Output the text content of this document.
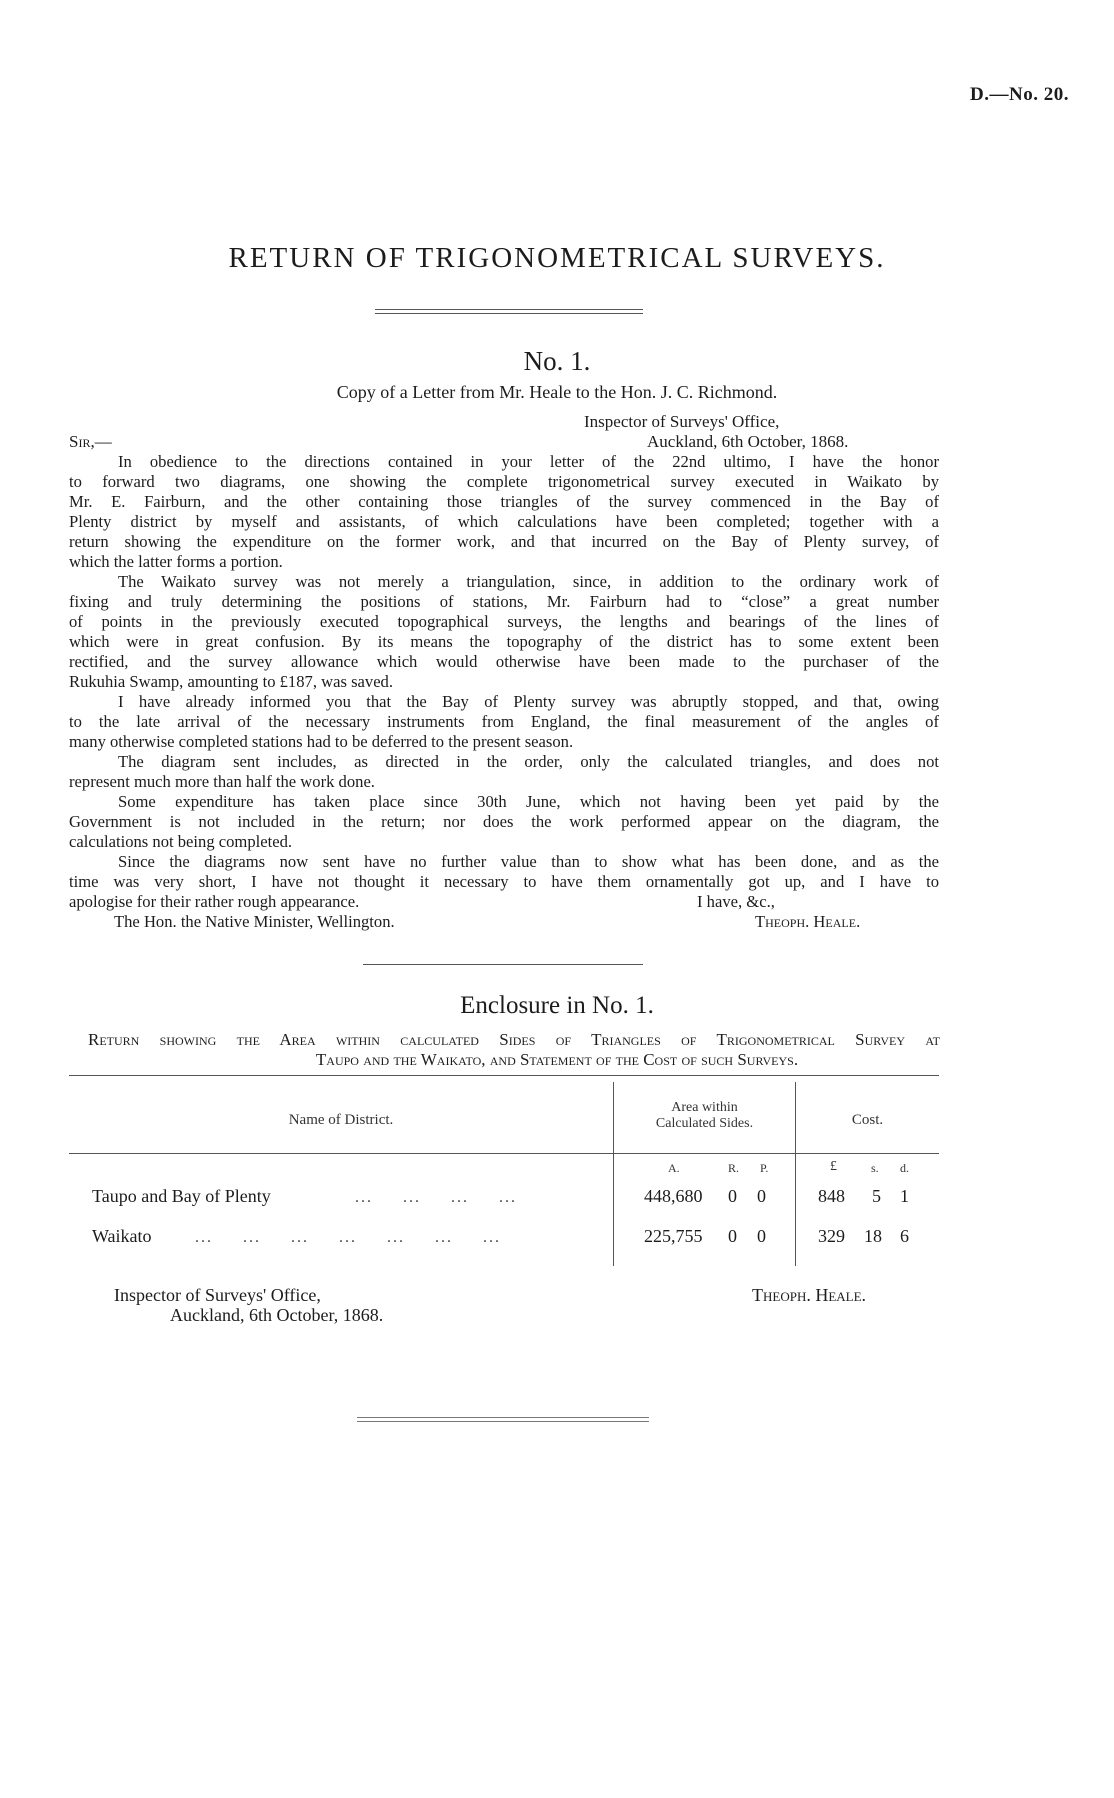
D.—No. 20.
RETURN OF TRIGONOMETRICAL SURVEYS.
No. 1.
Copy of a Letter from Mr. Heale to the Hon. J. C. Richmond.
Inspector of Surveys' Office,
Sir,—	Auckland, 6th October, 1868.
In obedience to the directions contained in your letter of the 22nd ultimo, I have the honor
to forward two diagrams, one showing the complete trigonometrical survey executed in Waikato by
Mr. E. Fairburn, and the other containing those triangles of the survey commenced in the Bay of
Plenty district by myself and assistants, of which calculations have been completed; together with a
return showing the expenditure on the former work, and that incurred on the Bay of Plenty survey, of
which the latter forms a portion.
The Waikato survey was not merely a triangulation, since, in addition to the ordinary work of
fixing and truly determining the positions of stations, Mr. Fairburn had to “close” a great number
of points in the previously executed topographical surveys, the lengths and bearings of the lines of
which were in great confusion. By its means the topography of the district has to some extent been
rectified, and the survey allowance which would otherwise have been made to the purchaser of the
Rukuhia Swamp, amounting to £187, was saved.
I have already informed you that the Bay of Plenty survey was abruptly stopped, and that, owing
to the late arrival of the necessary instruments from England, the final measurement of the angles of
many otherwise completed stations had to be deferred to the present season.
The diagram sent includes, as directed in the order, only the calculated triangles, and does not
represent much more than half the work done.
Some expenditure has taken place since 30th June, which not having been yet paid by the
Government is not included in the return; nor does the work performed appear on the diagram, the
calculations not being completed.
Since the diagrams now sent have no further value than to show what has been done, and as the
time was very short, I have not thought it necessary to have them ornamentally got up, and I have to
apologise for their rather rough appearance.	I have, &c.,
The Hon. the Native Minister, Wellington.	Theoph. Heale.
Enclosure in No. 1.
Return showing the Area within calculated Sides of Triangles of Trigonometrical Survey at
Taupo and the Waikato, and Statement of the Cost of such Surveys.
Name of District.
Area within
Calculated Sides.	Cost.
A.	R. P.	£	s. d.
Taupo and Bay of Plenty	...     ...     ...     ...	448,680 0 0	848 5 1
Waikato	...     ...     ...     ...     ...     ...     ...	225,755 0 0	329 18 6
Inspector of Surveys' Office,
Auckland, 6th October, 1868.
Theoph. Heale.
